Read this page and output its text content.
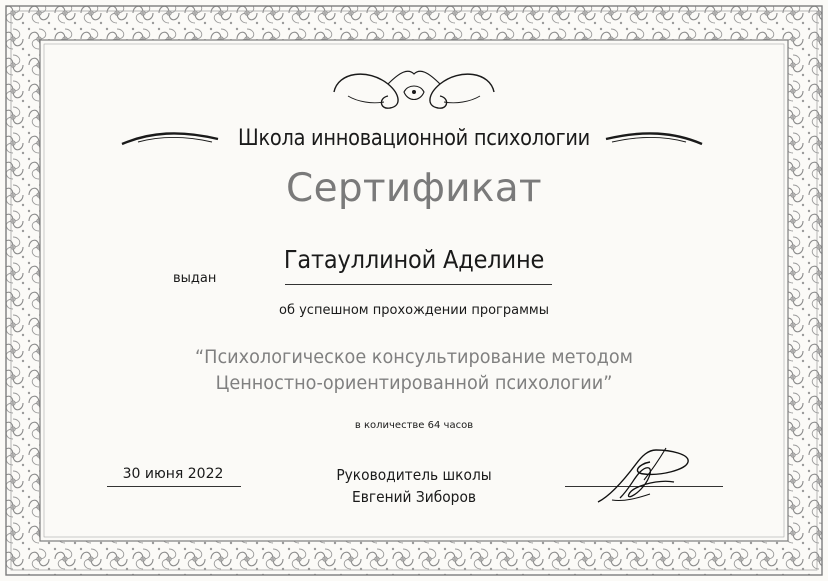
Школа инновационной психологии
Сертификат
выдан
Гатауллиной Аделине
об успешном прохождении программы
“Психологическое консультирование методом
Ценностно-ориентированной психологии”
в количестве 64 часов
30 июня 2022	Руководитель школы
Евгений Зиборов
